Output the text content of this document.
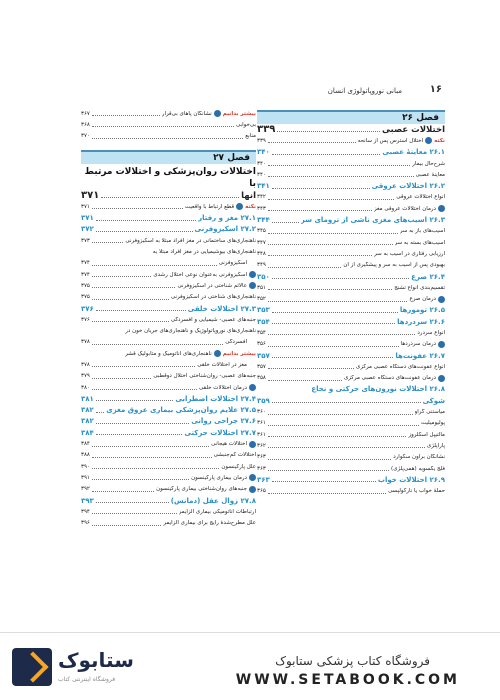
۱۶
مبانی نوروپاتولوژی انسان
فصل ۲۶
اختلالات عصبی
۳۳۹
نکته
اختلال استرس پس از سانحه
۳۳۹
۲۶.۱ معاینهٔ عصبی
۳۴۰
شرح‌حال بیمار
۳۴۰
معاینهٔ عصبی
۳۴۰
۲۶.۲ اختلالات عروقی
۳۴۱
انواع اختلالات عروقی
۳۴۲
درمان اختلالات عروقی مغز
۳۴۳
۲۶.۳ آسیب‌های مغزی ناشی از ترومای سر
۳۴۴
آسیب‌های باز به سر
۳۴۵
آسیب‌های بسته به سر
۳۴۷
ارزیابی رفتاری در آسیب به سر
۳۴۸
بهبودی پس از آسیب به سر و پیشگیری از آن
۳۴۹
۲۶.۴ صرع
۳۵۰
تقسیم‌بندی انواع تشنج
۳۵۱
درمان صرع
۳۵۲
۲۶.۵ تومورها
۳۵۳
۲۶.۶ سردردها
۳۵۴
انواع سردرد
۳۵۴
درمان سردردها
۳۵۶
۲۶.۷ عفونت‌ها
۳۵۷
انواع عفونت‌های دستگاه عصبی مرکزی
۳۵۷
درمان عفونت‌های دستگاه عصبی مرکزی
۳۵۸
۲۶.۸ اختلالات نورون‌های حرکتی و نخاع
شوکی
۳۵۹
میاستنی گراو
۳۶۰
پولیومیلیت
۳۶۱
مالتیپل اسکلروز
۳۶۱
پاراپلژی
۳۶۲
نشانگان براون سکوارد
۳۶۳
فلج یکسویه (همی‌پلژی)
۳۶۳
۲۶.۹ اختلالات خواب
۳۶۳
حملهٔ خواب یا نارکولپسی
۳۶۵
بیشتر بدانیم
نشانگان پاهای بی‌قرار
۳۶۷
بی‌خوابی
۳۶۸
منابع
۳۷۰
فصل ۲۷
اختلالات روان‌پزشکی و اختلالات مرتبط با
آنها
۳۷۱
نکته
قطع ارتباط با واقعیت
۳۷۱
۲۷.۱ مغز و رفتار
۳۷۱
۲۷.۲ اسکیزوفرنی
۳۷۲
ناهنجاری‌های ساختمانی در مغز افراد مبتلا به اسکیزوفرنی
۳۷۳
ناهنجاری‌های بیوشیمیایی در مغز افراد مبتلا به
اسکیزوفرنی
۳۷۴
اسکیزوفرنی به‌عنوان نوعی اختلال رشدی
۳۷۴
عالائم شناختی در اسکیزوفرنی
۳۷۵
ناهنجاری‌های شناختی در اسکیزوفرنی
۳۷۵
۲۷.۳ اختلالات خلقی
۳۷۶
جنبه‌های عصبی- شیمیایی و افسردگی
۳۷۶
ناهنجاری‌های نوروپاتولوژیک و ناهنجاری‌های جریان خون در
افسردگی
۳۷۸
بیشتر بدانیم
ناهنجاری‌های آناتومیک و متابولیک قشر
مغز در اختلالات خلقی
۳۷۸
جنبه‌های عصبی- روان‌شناختی اختلال دوقطبی
۳۷۹
درمان اختلالات خلقی
۳۸۰
۲۷.۴ اختلالات اضطرابی
۳۸۱
۲۷.۵ علایم روان‌پزشکی بیماری عروق مغزی
۳۸۲
۲۷.۶ جراحی روانی
۳۸۲
۲۷.۷ اختلالات حرکتی
۳۸۴
اختلالات هیجانی
۳۸۴
اختلالات کم‌جنبشی
۳۸۸
علل پارکینسون
۳۹۰
درمان بیماری پارکینسون
۳۹۱
جنبه‌های روان‌شناختی بیماری پارکینسون
۳۹۲
۲۷.۸ زوال عقل (دمانس)
۳۹۳
ارتباطات آناتومیکی بیماری آلزایمر
۳۹۴
علل مطرح‌شدهٔ رایج برای بیماری آلزایمر
۳۹۶
ستابوک
فروشگاه اینترنتی کتاب
فروشگاه کتاب پزشکی ستابوک
WWW.SETABOOK.COM
